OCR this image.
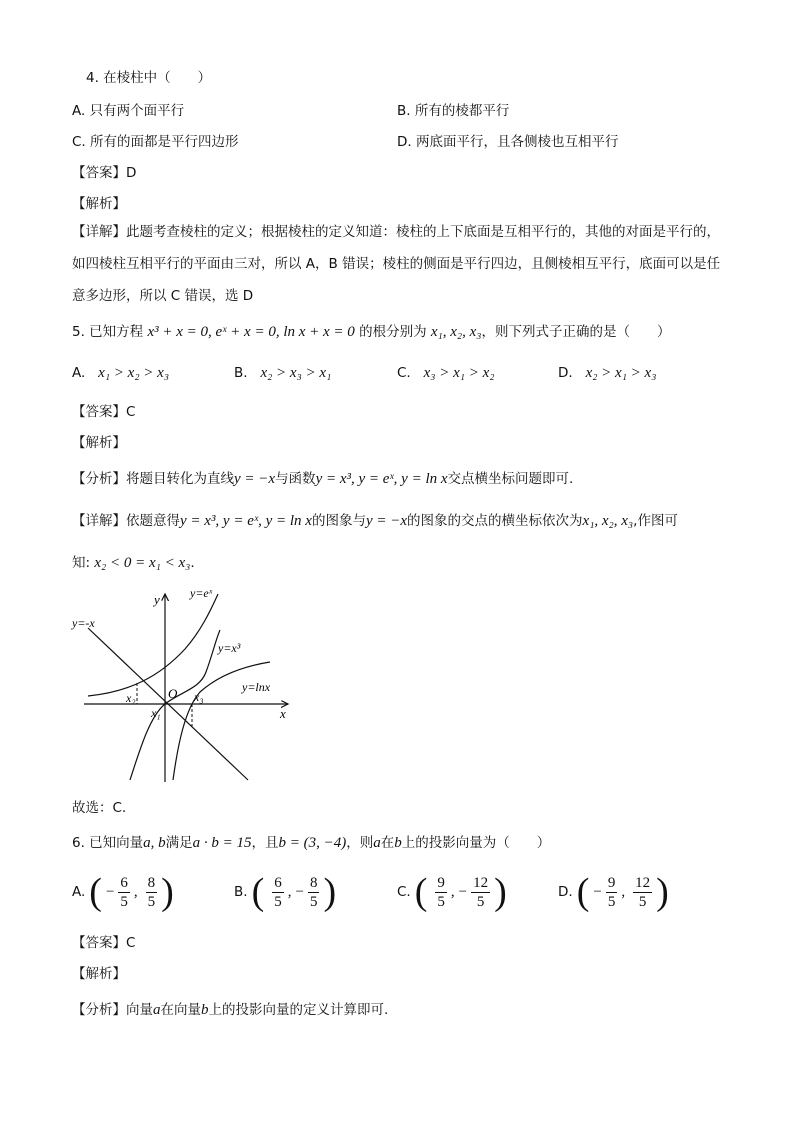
4. 在棱柱中（　　）
A. 只有两个面平行	B. 所有的棱都平行
C. 所有的面都是平行四边形	D. 两底面平行，且各侧棱也互相平行
【答案】D
【解析】
【详解】此题考查棱柱的定义；根据棱柱的定义知道：棱柱的上下底面是互相平行的，其他的对面是平行的，如四棱柱互相平行的平面由三对，所以 A，B 错误；棱柱的侧面是平行四边，且侧棱相互平行，底面可以是任意多边形，所以 C 错误，选 D
5. 已知方程 x³ + x = 0, eˣ + x = 0, ln x + x = 0 的根分别为 x₁, x₂, x₃，则下列式子正确的是（　　）
A. x₁ > x₂ > x₃	B. x₂ > x₃ > x₁	C. x₃ > x₁ > x₂	D. x₂ > x₁ > x₃
【答案】C
【解析】
【分析】将题目转化为直线y = −x与函数y = x³, y = eˣ, y = ln x交点横坐标问题即可.
【详解】依题意得y = x³, y = eˣ, y = ln x的图象与y = −x的图象的交点的横坐标依次为x₁, x₂, x₃,作图可
知: x₂ < 0 = x₁ < x₃.
y=-x
y	y=eˣ
y=x³
y=lnx
O
x
x₁
x₂	x₃
故选：C.
6. 已知向量a, b满足a · b = 15，且b = (3, −4)，则a在b上的投影向量为（　　）
A. ( − $\frac{6}{5}$ , $\frac{8}{5}$ )	B. ( $\frac{6}{5}$ , − $\frac{8}{5}$ )	C. ( $\frac{9}{5}$ , − $\frac{12}{5}$ )	D. ( − $\frac{9}{5}$ , $\frac{12}{5}$ )
【答案】C
【解析】
【分析】向量a在向量b上的投影向量的定义计算即可.
